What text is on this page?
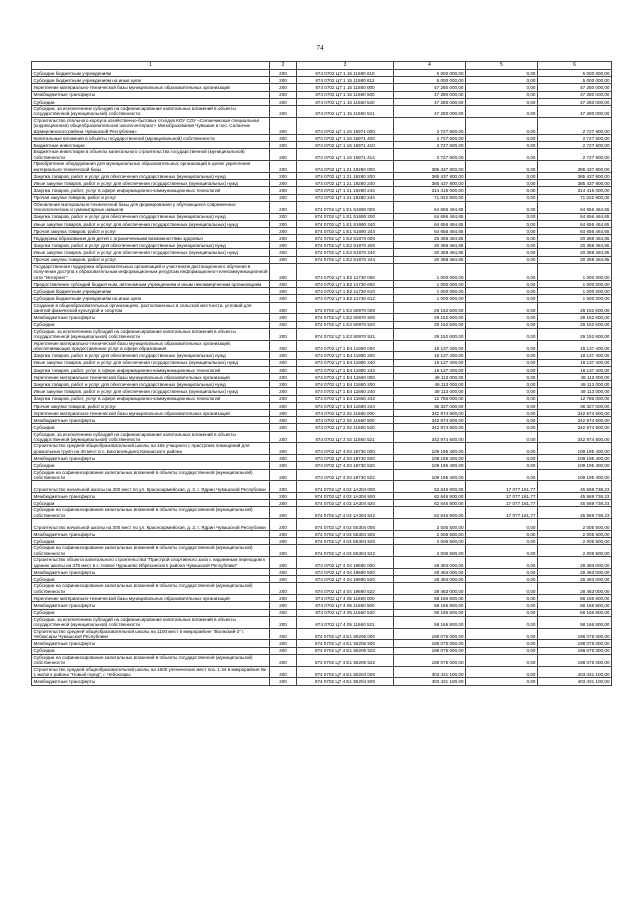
74
1	2	3	4	5	6
Субсидии бюджетным учреждениям	200	874 0702 Ц7 1 15 11580 610	5 000 000,00	0,00	5 000 000,00
Субсидии бюджетным учреждениям на иные цели	200	874 0702 Ц7 1 15 11580 612	5 000 000,00	0,00	5 000 000,00
Укрепление материально-технической базы муниципальных образовательных организаций	200	874 0702 Ц7 1 15 11660 000	47 280 000,00	0,00	47 280 000,00
Межбюджетные трансферты	200	874 0702 Ц7 1 15 11660 500	47 280 000,00	0,00	47 280 000,00
Субсидии	200	874 0702 Ц7 1 15 11660 520	47 280 000,00	0,00	47 280 000,00
Субсидии, за исключением субсидий на софинансирование капитальных вложений в объекты государственной (муниципальной) собственности	200	874 0702 Ц7 1 15 11660 521	47 280 000,00	0,00	47 280 000,00
Строительство спального корпуса хозяйственно-бытовых отходов КОУ СОУ «Саланчикская специальная (коррекционная) общеобразовательная школа-интернат» Минобразования Чувашии в пос. Саланчик Шумерлинского района Чувашской Республики»	200	874 0702 Ц7 1 16 15971 000	2 727 600,00	0,00	2 727 600,00
Капитальные вложения в объекты государственной (муниципальной) собственности	200	874 0702 Ц7 1 16 15971 400	2 727 600,00	0,00	2 727 600,00
Бюджетные инвестиции	200	874 0702 Ц7 1 16 15971 410	2 727 600,00	0,00	2 727 600,00
Бюджетные инвестиции в объекты капитального строительства государственной (муниципальной) собственности	200	874 0702 Ц7 1 16 15971 414	2 727 600,00	0,00	2 727 600,00
Приобретение оборудования для муниципальных образовательных организаций в целях укрепления материально-технической базы	200	874 0702 Ц7 1 21 19280 000	385 437 800,00	0,00	385 437 800,00
Закупка товаров, работ и услуг для обеспечения государственных (муниципальных) нужд	200	874 0702 Ц7 1 21 19280 200	385 437 800,00	0,00	385 437 800,00
Иные закупки товаров, работ и услуг для обеспечения государственных (муниципальных) нужд	200	874 0702 Ц7 1 21 19280 240	385 437 800,00	0,00	385 437 800,00
Закупка товаров, работ, услуг в сфере информационно-коммуникационных технологий	200	874 0702 Ц7 1 21 19280 242	314 415 000,00	0,00	314 415 000,00
Прочая закупка товаров, работ и услуг	200	874 0702 Ц7 1 21 19280 244	71 022 800,00	0,00	71 022 800,00
Обновление материально-технической базы для формирования у обучающихся современных технологических и гуманитарных навыков	200	874 0702 Ц7 1 Е1 51690 000	64 656 464,65	0,00	64 656 464,65
Закупка товаров, работ и услуг для обеспечения государственных (муниципальных) нужд	200	874 0702 Ц7 1 Е1 51690 200	64 656 464,65	0,00	64 656 464,65
Иные закупки товаров, работ и услуг для обеспечения государственных (муниципальных) нужд	200	874 0702 Ц7 1 Е1 51690 240	64 656 464,65	0,00	64 656 464,65
Прочая закупка товаров, работ и услуг	200	874 0702 Ц7 1 Е1 51690 244	64 656 464,65	0,00	64 656 464,65
Поддержка образования для детей с ограниченными возможностями здоровья	200	874 0702 Ц7 1 Е2 51870 000	20 368 484,85	0,00	20 368 484,85
Закупка товаров, работ и услуг для обеспечения государственных (муниципальных) нужд	200	874 0702 Ц7 1 Е2 51870 200	20 368 484,85	0,00	20 368 484,85
Иные закупки товаров, работ и услуг для обеспечения государственных (муниципальных) нужд	200	874 0702 Ц7 1 Е2 51870 240	20 368 484,85	0,00	20 368 484,85
Прочая закупка товаров, работ и услуг	200	874 0702 Ц7 1 Е2 51870 244	20 368 484,85	0,00	20 368 484,85
Государственная поддержка образовательных организаций и участников дистанционного обучения в получении доступа к образовательным информационным ресурсам информационно-телекоммуникационной сети "Интернет"	200	874 0702 Ц7 1 Е2 11730 000	1 000 000,00	0,00	1 000 000,00
Предоставление субсидий бюджетным, автономным учреждениям и иным некоммерческим организациям	200	874 0702 Ц7 1 Е2 11730 600	1 000 000,00	0,00	1 000 000,00
Субсидии бюджетным учреждениям	200	874 0702 Ц7 1 Е2 11730 610	1 000 000,00	0,00	1 000 000,00
Субсидии бюджетным учреждениям на иные цели	200	874 0702 Ц7 1 Е2 11730 612	1 000 000,00	0,00	1 000 000,00
Создание в общеобразовательных организациях, расположенных в сельской местности, условий для занятий физической культурой и спортом	200	874 0702 Ц7 1 Е2 50970 000	29 152 600,00	0,00	29 152 600,00
Межбюджетные трансферты	200	874 0702 Ц7 1 Е2 50970 500	29 152 600,00	0,00	29 152 600,00
Субсидии	200	874 0702 Ц7 1 Е2 50970 520	29 152 600,00	0,00	29 152 600,00
Субсидии, за исключением субсидий на софинансирование капитальных вложений в объекты государственной (муниципальной) собственности	200	874 0702 Ц7 1 Е2 50970 521	29 152 600,00	0,00	29 152 600,00
Укрепление материально-технической базы муниципальных образовательных организаций, обеспечивающих предоставление услуг в сфере образования	200	874 0702 Ц7 1 Е4 11990 000	18 137 400,00	0,00	18 137 400,00
Закупка товаров, работ и услуг для обеспечения государственных (муниципальных) нужд	200	874 0702 Ц7 1 Е4 11990 200	18 137 400,00	0,00	18 137 400,00
Иные закупки товаров, работ и услуг для обеспечения государственных (муниципальных) нужд	200	874 0702 Ц7 1 Е4 11990 240	18 137 400,00	0,00	18 137 400,00
Закупка товаров, работ, услуг в сфере информационно-коммуникационных технологий	200	874 0702 Ц7 1 Е4 11990 242	18 137 400,00	0,00	18 137 400,00
Укрепление материально-технической базы муниципальных образовательных организаций	200	874 0702 Ц7 1 Е4 11660 000	49 113 000,00	0,00	49 113 000,00
Закупка товаров, работ и услуг для обеспечения государственных (муниципальных) нужд	200	874 0702 Ц7 1 Е4 11660 200	49 113 000,00	0,00	49 113 000,00
Иные закупки товаров, работ и услуг для обеспечения государственных (муниципальных) нужд	200	874 0702 Ц7 1 Е4 11660 240	49 113 000,00	0,00	49 113 000,00
Закупка товаров, работ, услуг в сфере информационно-коммуникационных технологий	200	874 0702 Ц7 1 Е4 11660 242	12 786 000,00	0,00	12 786 000,00
Прочая закупка товаров, работ и услуг	200	874 0702 Ц7 1 Е4 11660 244	36 327 000,00	0,00	36 327 000,00
Укрепление материально-технической базы муниципальных образовательных организаций	200	874 0702 Ц7 2 02 11660 000	342 974 600,00	0,00	342 974 600,00
Межбюджетные трансферты	200	874 0702 Ц7 2 02 11660 500	342 974 600,00	0,00	342 974 600,00
Субсидии	200	874 0702 Ц7 2 02 11660 520	342 974 600,00	0,00	342 974 600,00
Субсидии, за исключением субсидий на софинансирование капитальных вложений в объекты государственной (муниципальной) собственности	200	874 0702 Ц7 2 02 11660 521	342 974 600,00	0,00	342 974 600,00
Строительство средней общеобразовательной школы на 165 учащихся с пристроем помещений для дошкольных групп на 40 мест в с. Бахтигильдино Канашского района	200	874 0702 Ц7 4 03 19730 000	109 195 400,00	0,00	109 195 400,00
Межбюджетные трансферты	200	874 0702 Ц7 4 03 19730 500	109 195 400,00	0,00	109 195 400,00
Субсидии	200	874 0702 Ц7 4 03 19730 520	109 195 400,00	0,00	109 195 400,00
Субсидии на софинансирование капитальных вложений в объекты государственной (муниципальной) собственности	200	874 0702 Ц7 4 03 19730 522	109 195 400,00	0,00	109 195 400,00
Строительство начальной школы на 300 мест по ул. Красноармейская, д. 2, г. Ядрин Чувашской Республики	200	874 0702 Ц7 4 03 1А304 000	62 646 900,00	17 077 161,77	45 569 738,23
Межбюджетные трансферты	200	874 0702 Ц7 4 03 1А304 500	62 646 900,00	17 077 161,77	45 569 738,23
Субсидии	200	874 0702 Ц7 4 03 1А304 520	62 646 900,00	17 077 161,77	45 569 738,23
Субсидии на софинансирование капитальных вложений в объекты государственной (муниципальной) собственности	200	874 0702 Ц7 4 03 1А304 522	62 646 900,00	17 077 161,77	45 569 738,23
Строительство начальной школы на 300 мест по ул. Красноармейская, д. 2, г. Ядрин Чувашской Республики	200	874 0702 Ц7 4 03 S5304 000	2 005 500,00	0,00	2 005 500,00
Межбюджетные трансферты	200	874 0702 Ц7 4 03 S5304 500	2 005 500,00	0,00	2 005 500,00
Субсидии	200	874 0702 Ц7 4 03 S5304 520	2 005 500,00	0,00	2 005 500,00
Субсидии на софинансирование капитальных вложений в объекты государственной (муниципальной) собственности	200	874 0702 Ц7 4 03 S5304 522	2 005 500,00	0,00	2 005 500,00
Строительство объекта капитального строительства "Пристрой спортивного зала с надземным переходом к зданию школы на 375 мест в с. Новое Чурашево Ибресинского района Чувашской Республики"	200	874 0702 Ц7 4 04 19690 000	28 483 000,00	0,00	28 483 000,00
Межбюджетные трансферты	200	874 0702 Ц7 4 04 19690 500	28 483 000,00	0,00	28 483 000,00
Субсидии	200	874 0702 Ц7 4 04 19690 520	28 483 000,00	0,00	28 483 000,00
Субсидии на софинансирование капитальных вложений в объекты государственной (муниципальной) собственности	200	874 0702 Ц7 4 04 19690 522	28 483 000,00	0,00	28 483 000,00
Укрепление материально-технической базы муниципальных образовательных организаций	200	874 0702 Ц7 4 05 11660 000	58 166 800,00	0,00	58 166 800,00
Межбюджетные трансферты	200	874 0702 Ц7 4 05 11660 500	58 166 800,00	0,00	58 166 800,00
Субсидии	200	874 0702 Ц7 4 05 11660 520	58 166 800,00	0,00	58 166 800,00
Субсидии, за исключением субсидий на софинансирование капитальных вложений в объекты государственной (муниципальной) собственности	200	874 0702 Ц7 4 05 11660 521	58 166 800,00	0,00	58 166 800,00
Строительство средней общеобразовательной школы на 1100 мест в микрорайоне "Волжский-2" г. Чебоксары Чувашской Республики	200	874 0702 Ц7 4 Е1 55206 000	198 075 000,00	0,00	198 075 000,00
Межбюджетные трансферты	200	874 0702 Ц7 4 Е1 55206 500	198 075 000,00	0,00	198 075 000,00
Субсидии	200	874 0702 Ц7 4 Е1 55206 520	198 075 000,00	0,00	198 075 000,00
Субсидии на софинансирование капитальных вложений в объекты государственной (муниципальной) собственности	200	874 0702 Ц7 4 Е1 55206 522	198 075 000,00	0,00	198 075 000,00
Строительство средней общеобразовательной школы на 1600 ученических мест поз. 1.34 в микрорайоне № 1 жилого района "Новый город", г. Чебоксары	200	874 0702 Ц7 4 Е1 55204 000	403 431 100,00	0,00	403 431 100,00
Межбюджетные трансферты	200	874 0702 Ц7 4 Е1 55204 500	403 431 100,00	0,00	403 431 100,00
